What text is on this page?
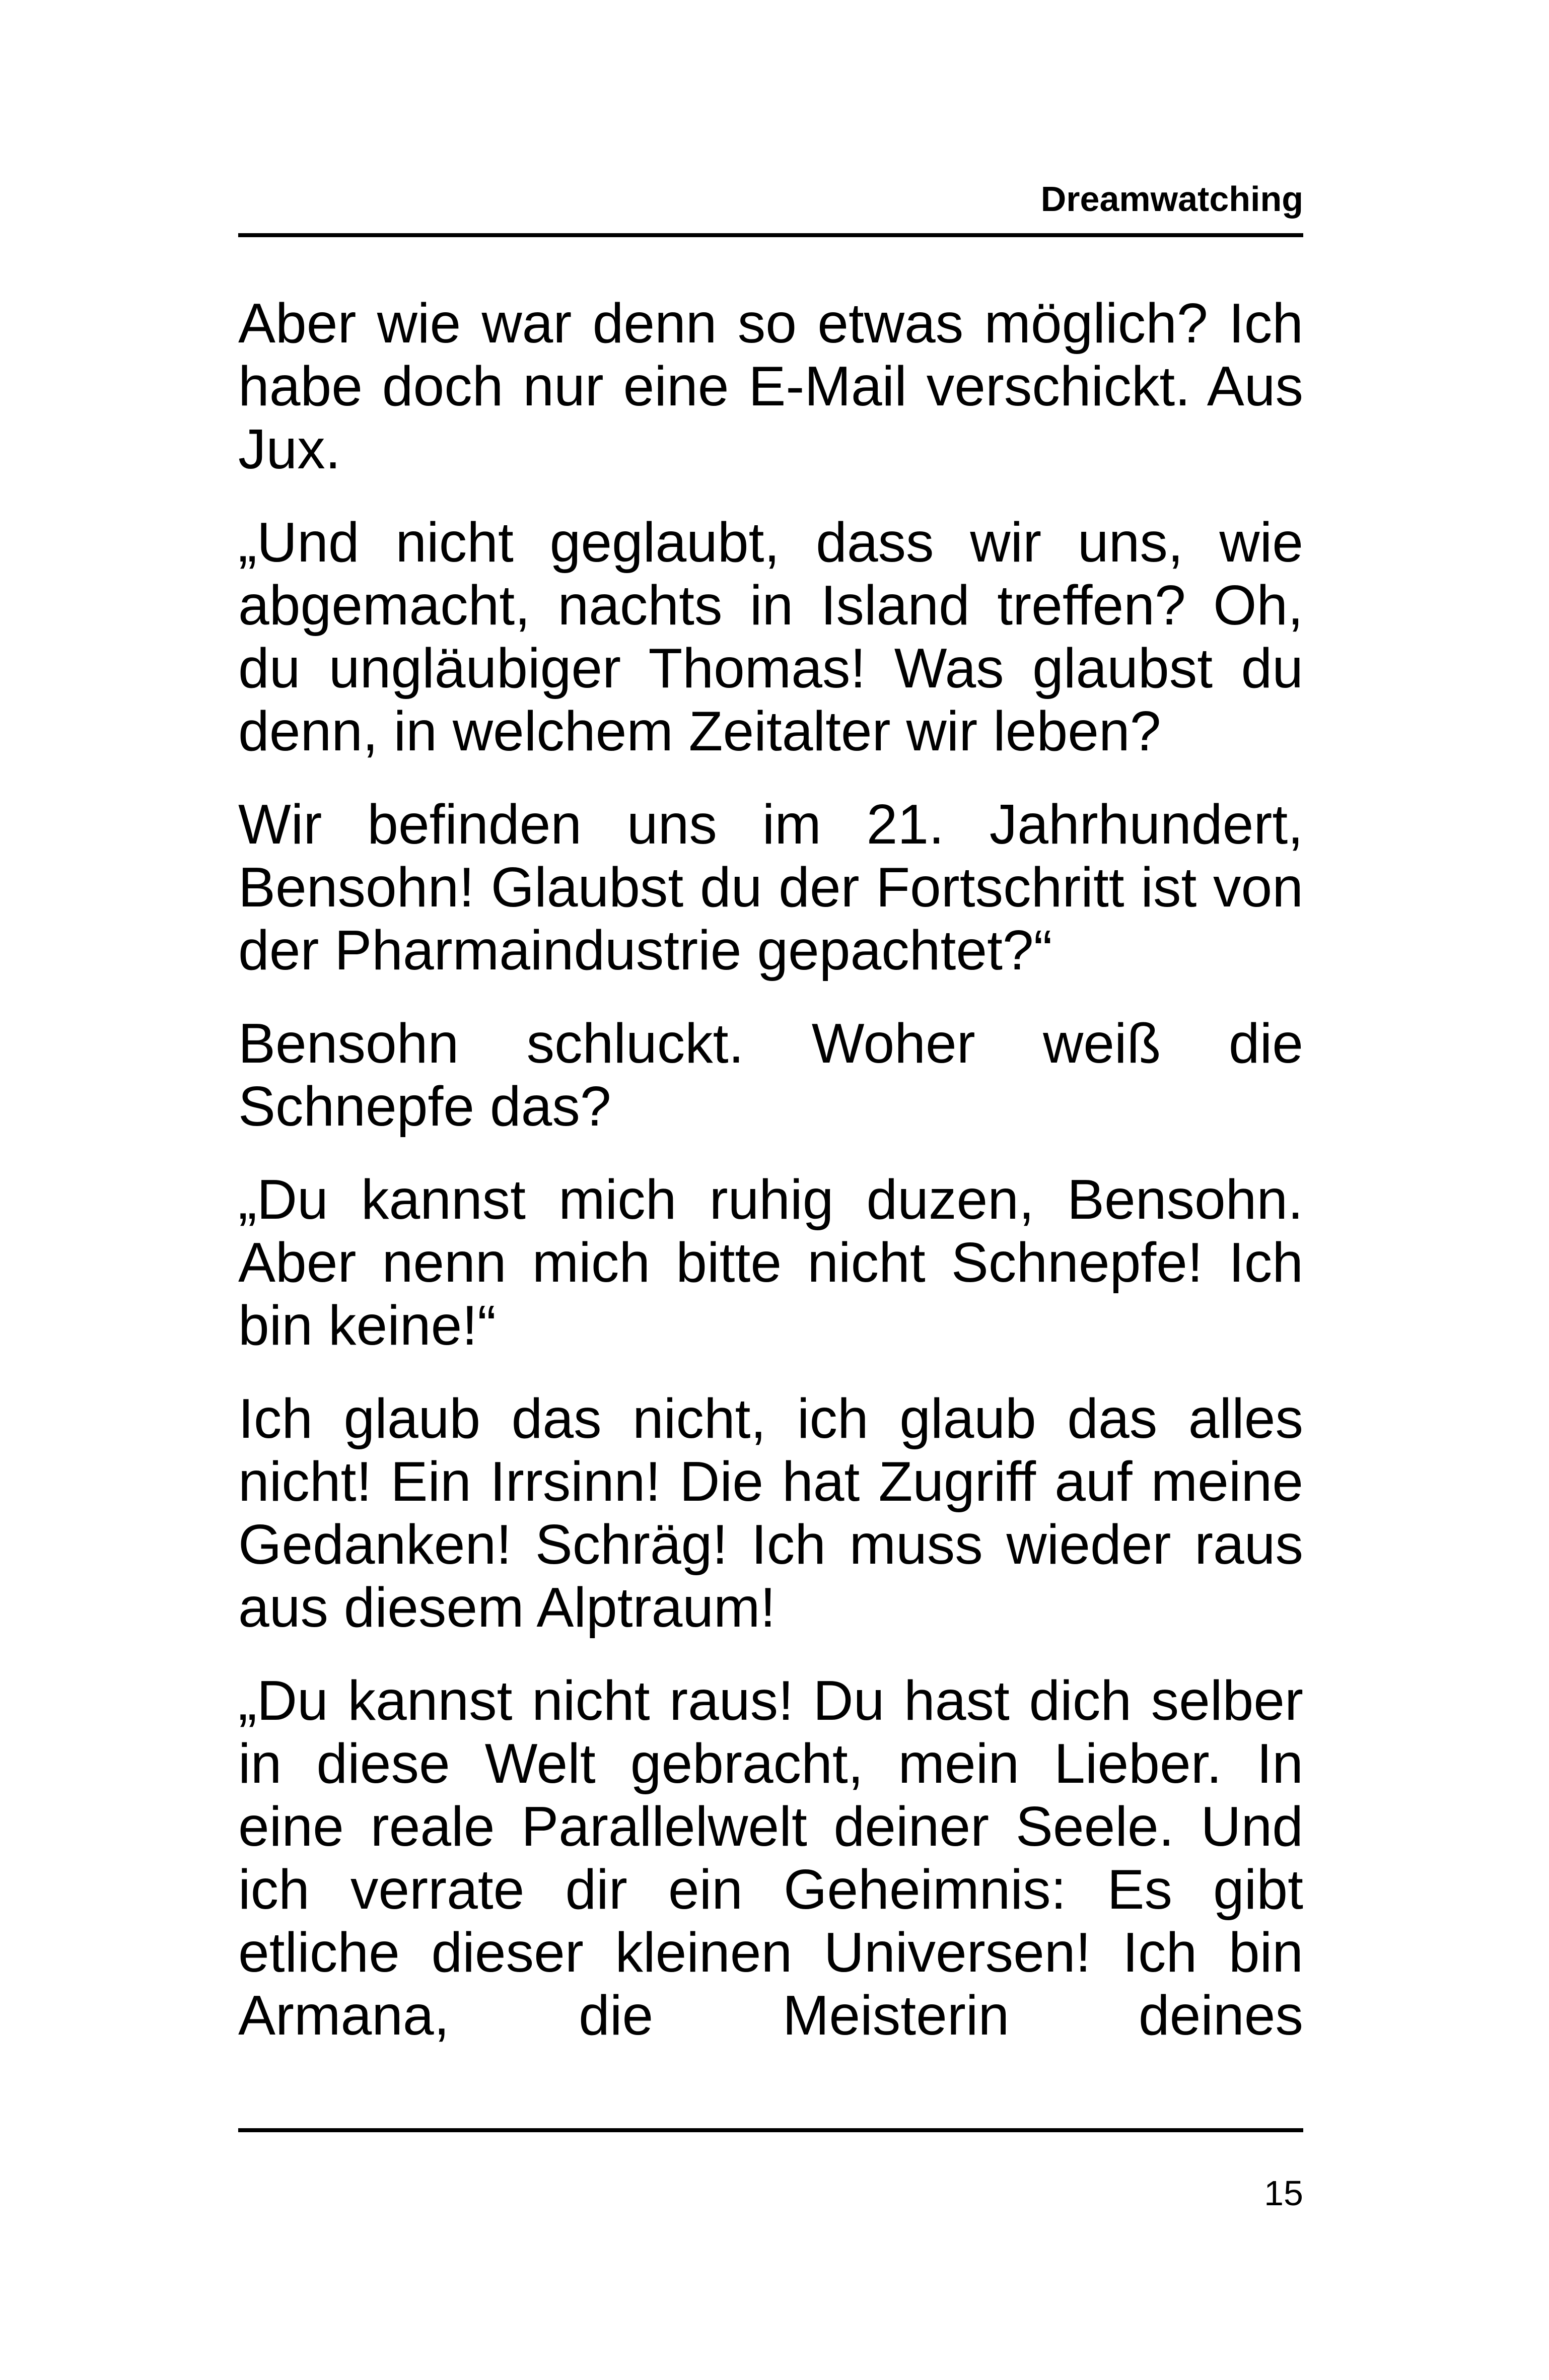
Dreamwatching

Aber wie war denn so etwas möglich? Ich habe doch nur eine E-Mail verschickt. Aus Jux.

„Und nicht geglaubt, dass wir uns, wie abgemacht, nachts in Island treffen? Oh, du ungläubiger Thomas! Was glaubst du denn, in welchem Zeitalter wir leben?

Wir befinden uns im 21. Jahrhundert, Bensohn! Glaubst du der Fortschritt ist von der Pharmaindustrie gepachtet?“

Bensohn schluckt. Woher weiß die Schnepfe das?

„Du kannst mich ruhig duzen, Bensohn. Aber nenn mich bitte nicht Schnepfe! Ich bin keine!“

Ich glaub das nicht, ich glaub das alles nicht! Ein Irrsinn! Die hat Zugriff auf meine Gedanken! Schräg! Ich muss wieder raus aus diesem Alptraum!

„Du kannst nicht raus! Du hast dich selber in diese Welt gebracht, mein Lieber. In eine reale Parallelwelt deiner Seele. Und ich verrate dir ein Geheimnis: Es gibt etliche dieser kleinen Universen! Ich bin Armana, die Meisterin deines

15
